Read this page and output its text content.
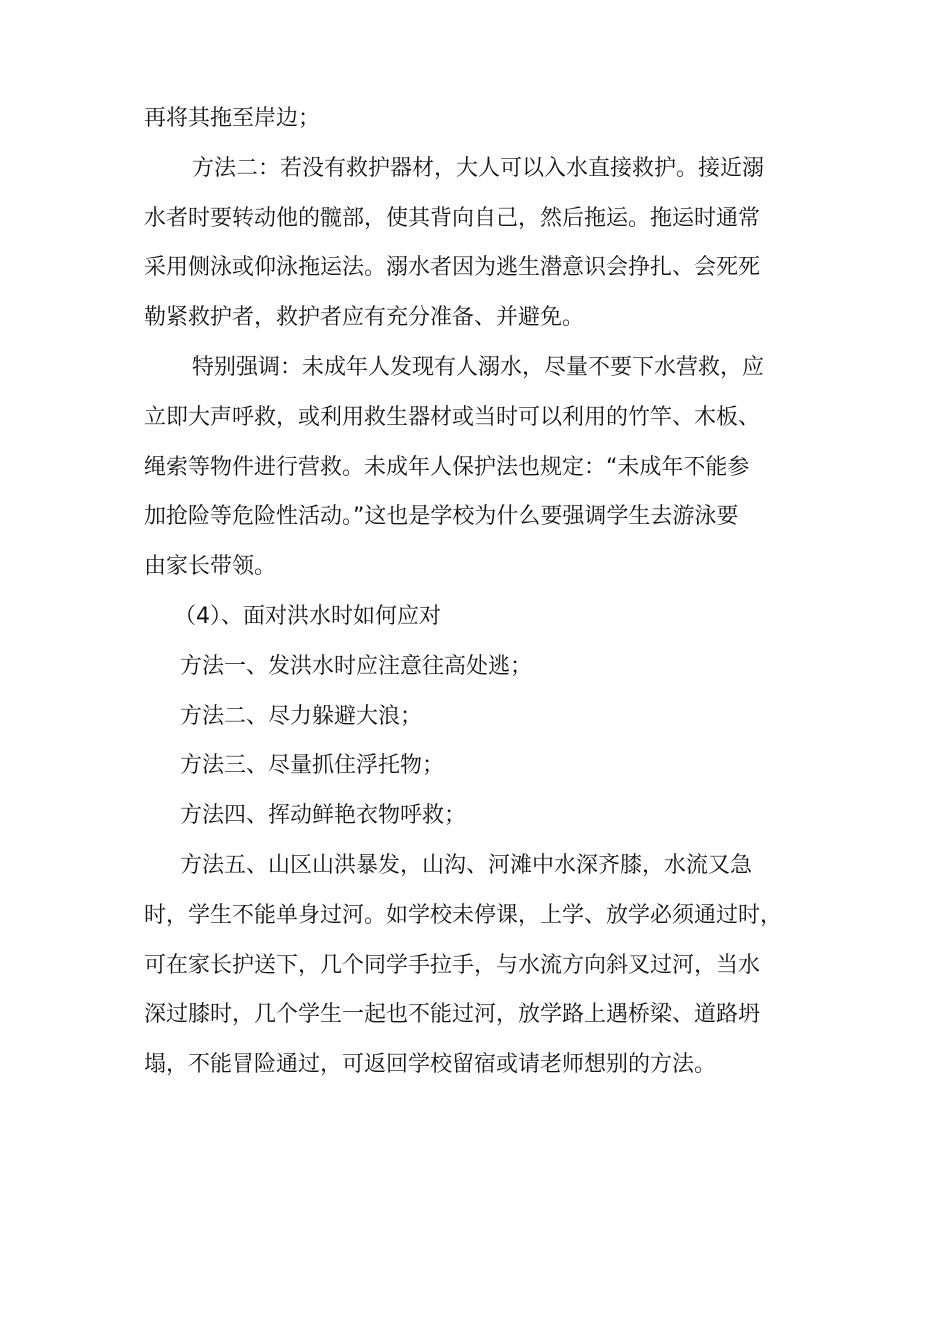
再将其拖至岸边；
方法二：若没有救护器材，大人可以入水直接救护。接近溺
水者时要转动他的髋部，使其背向自己，然后拖运。拖运时通常
采用侧泳或仰泳拖运法。溺水者因为逃生潜意识会挣扎、会死死
勒紧救护者，救护者应有充分准备、并避免。
特别强调：未成年人发现有人溺水，尽量不要下水营救，应
立即大声呼救，或利用救生器材或当时可以利用的竹竿、木板、
绳索等物件进行营救。未成年人保护法也规定：“未成年不能参
加抢险等危险性活动。”这也是学校为什么要强调学生去游泳要
由家长带领。
（4）、面对洪水时如何应对
方法一、发洪水时应注意往高处逃；
方法二、尽力躲避大浪；
方法三、尽量抓住浮托物；
方法四、挥动鲜艳衣物呼救；
方法五、山区山洪暴发，山沟、河滩中水深齐膝，水流又急
时，学生不能单身过河。如学校未停课，上学、放学必须通过时，
可在家长护送下，几个同学手拉手，与水流方向斜叉过河，当水
深过膝时，几个学生一起也不能过河，放学路上遇桥梁、道路坍
塌，不能冒险通过，可返回学校留宿或请老师想别的方法。
